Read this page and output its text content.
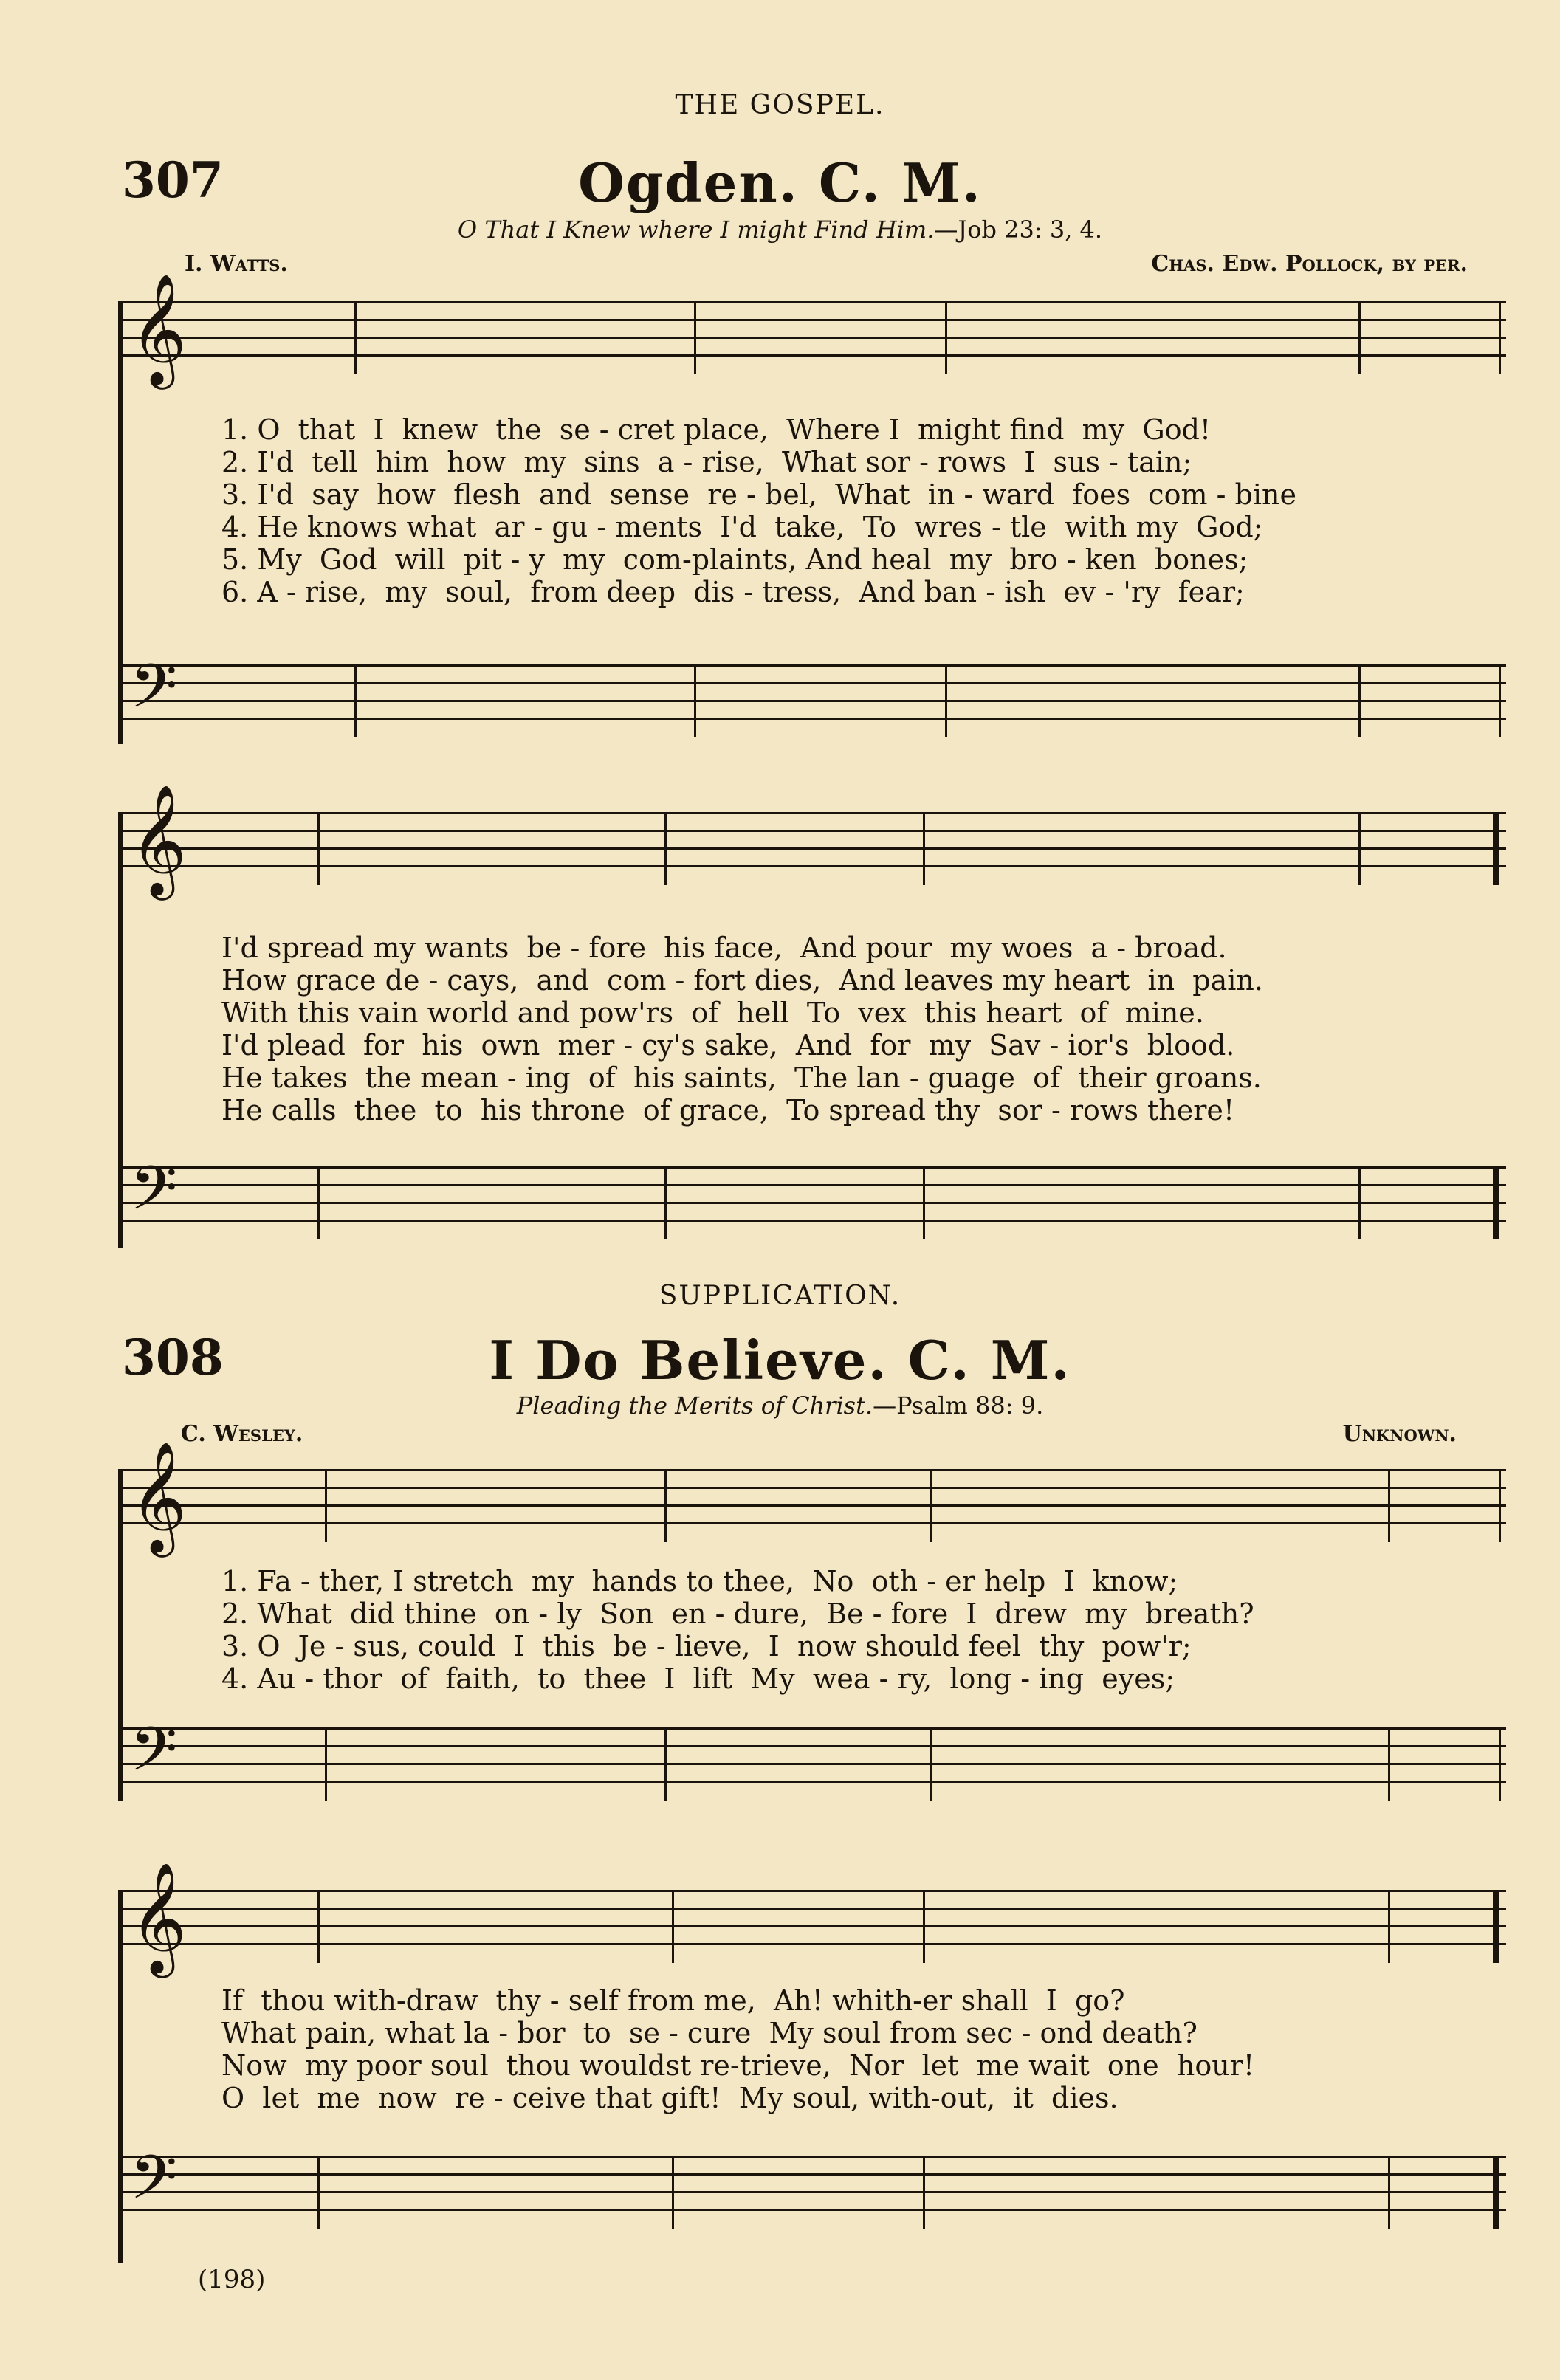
THE GOSPEL.
307	Ogden. C. M.
O That I Knew where I might Find Him.—Job 23: 3, 4.
I. Watts.	Chas. Edw. Pollock, by per.
𝄞
1. O  that  I  knew  the  se - cret place,  Where I  might find  my  God!
2. I'd  tell  him  how  my  sins  a - rise,  What sor - rows  I  sus - tain;
3. I'd  say  how  flesh  and  sense  re - bel,  What  in - ward  foes  com - bine
4. He knows what  ar - gu - ments  I'd  take,  To  wres - tle  with my  God;
5. My  God  will  pit - y  my  com-plaints, And heal  my  bro - ken  bones;
6. A - rise,  my  soul,  from deep  dis - tress,  And ban - ish  ev - 'ry  fear;
𝄢
𝄞
I'd spread my wants  be - fore  his face,  And pour  my woes  a - broad.
How grace de - cays,  and  com - fort dies,  And leaves my heart  in  pain.
With this vain world and pow'rs  of  hell  To  vex  this heart  of  mine.
I'd plead  for  his  own  mer - cy's sake,  And  for  my  Sav - ior's  blood.
He takes  the mean - ing  of  his saints,  The lan - guage  of  their groans.
He calls  thee  to  his throne  of grace,  To spread thy  sor - rows there!
𝄢
SUPPLICATION.
308	I Do Believe. C. M.
Pleading the Merits of Christ.—Psalm 88: 9.
C. Wesley.	Unknown.
𝄞
1. Fa - ther, I stretch  my  hands to thee,  No  oth - er help  I  know;
2. What  did thine  on - ly  Son  en - dure,  Be - fore  I  drew  my  breath?
3. O  Je - sus, could  I  this  be - lieve,  I  now should feel  thy  pow'r;
4. Au - thor  of  faith,  to  thee  I  lift  My  wea - ry,  long - ing  eyes;
𝄢
𝄞
If  thou with-draw  thy - self from me,  Ah! whith-er shall  I  go?
What pain, what la - bor  to  se - cure  My soul from sec - ond death?
Now  my poor soul  thou wouldst re-trieve,  Nor  let  me wait  one  hour!
O  let  me  now  re - ceive that gift!  My soul, with-out,  it  dies.
𝄢
(198)
